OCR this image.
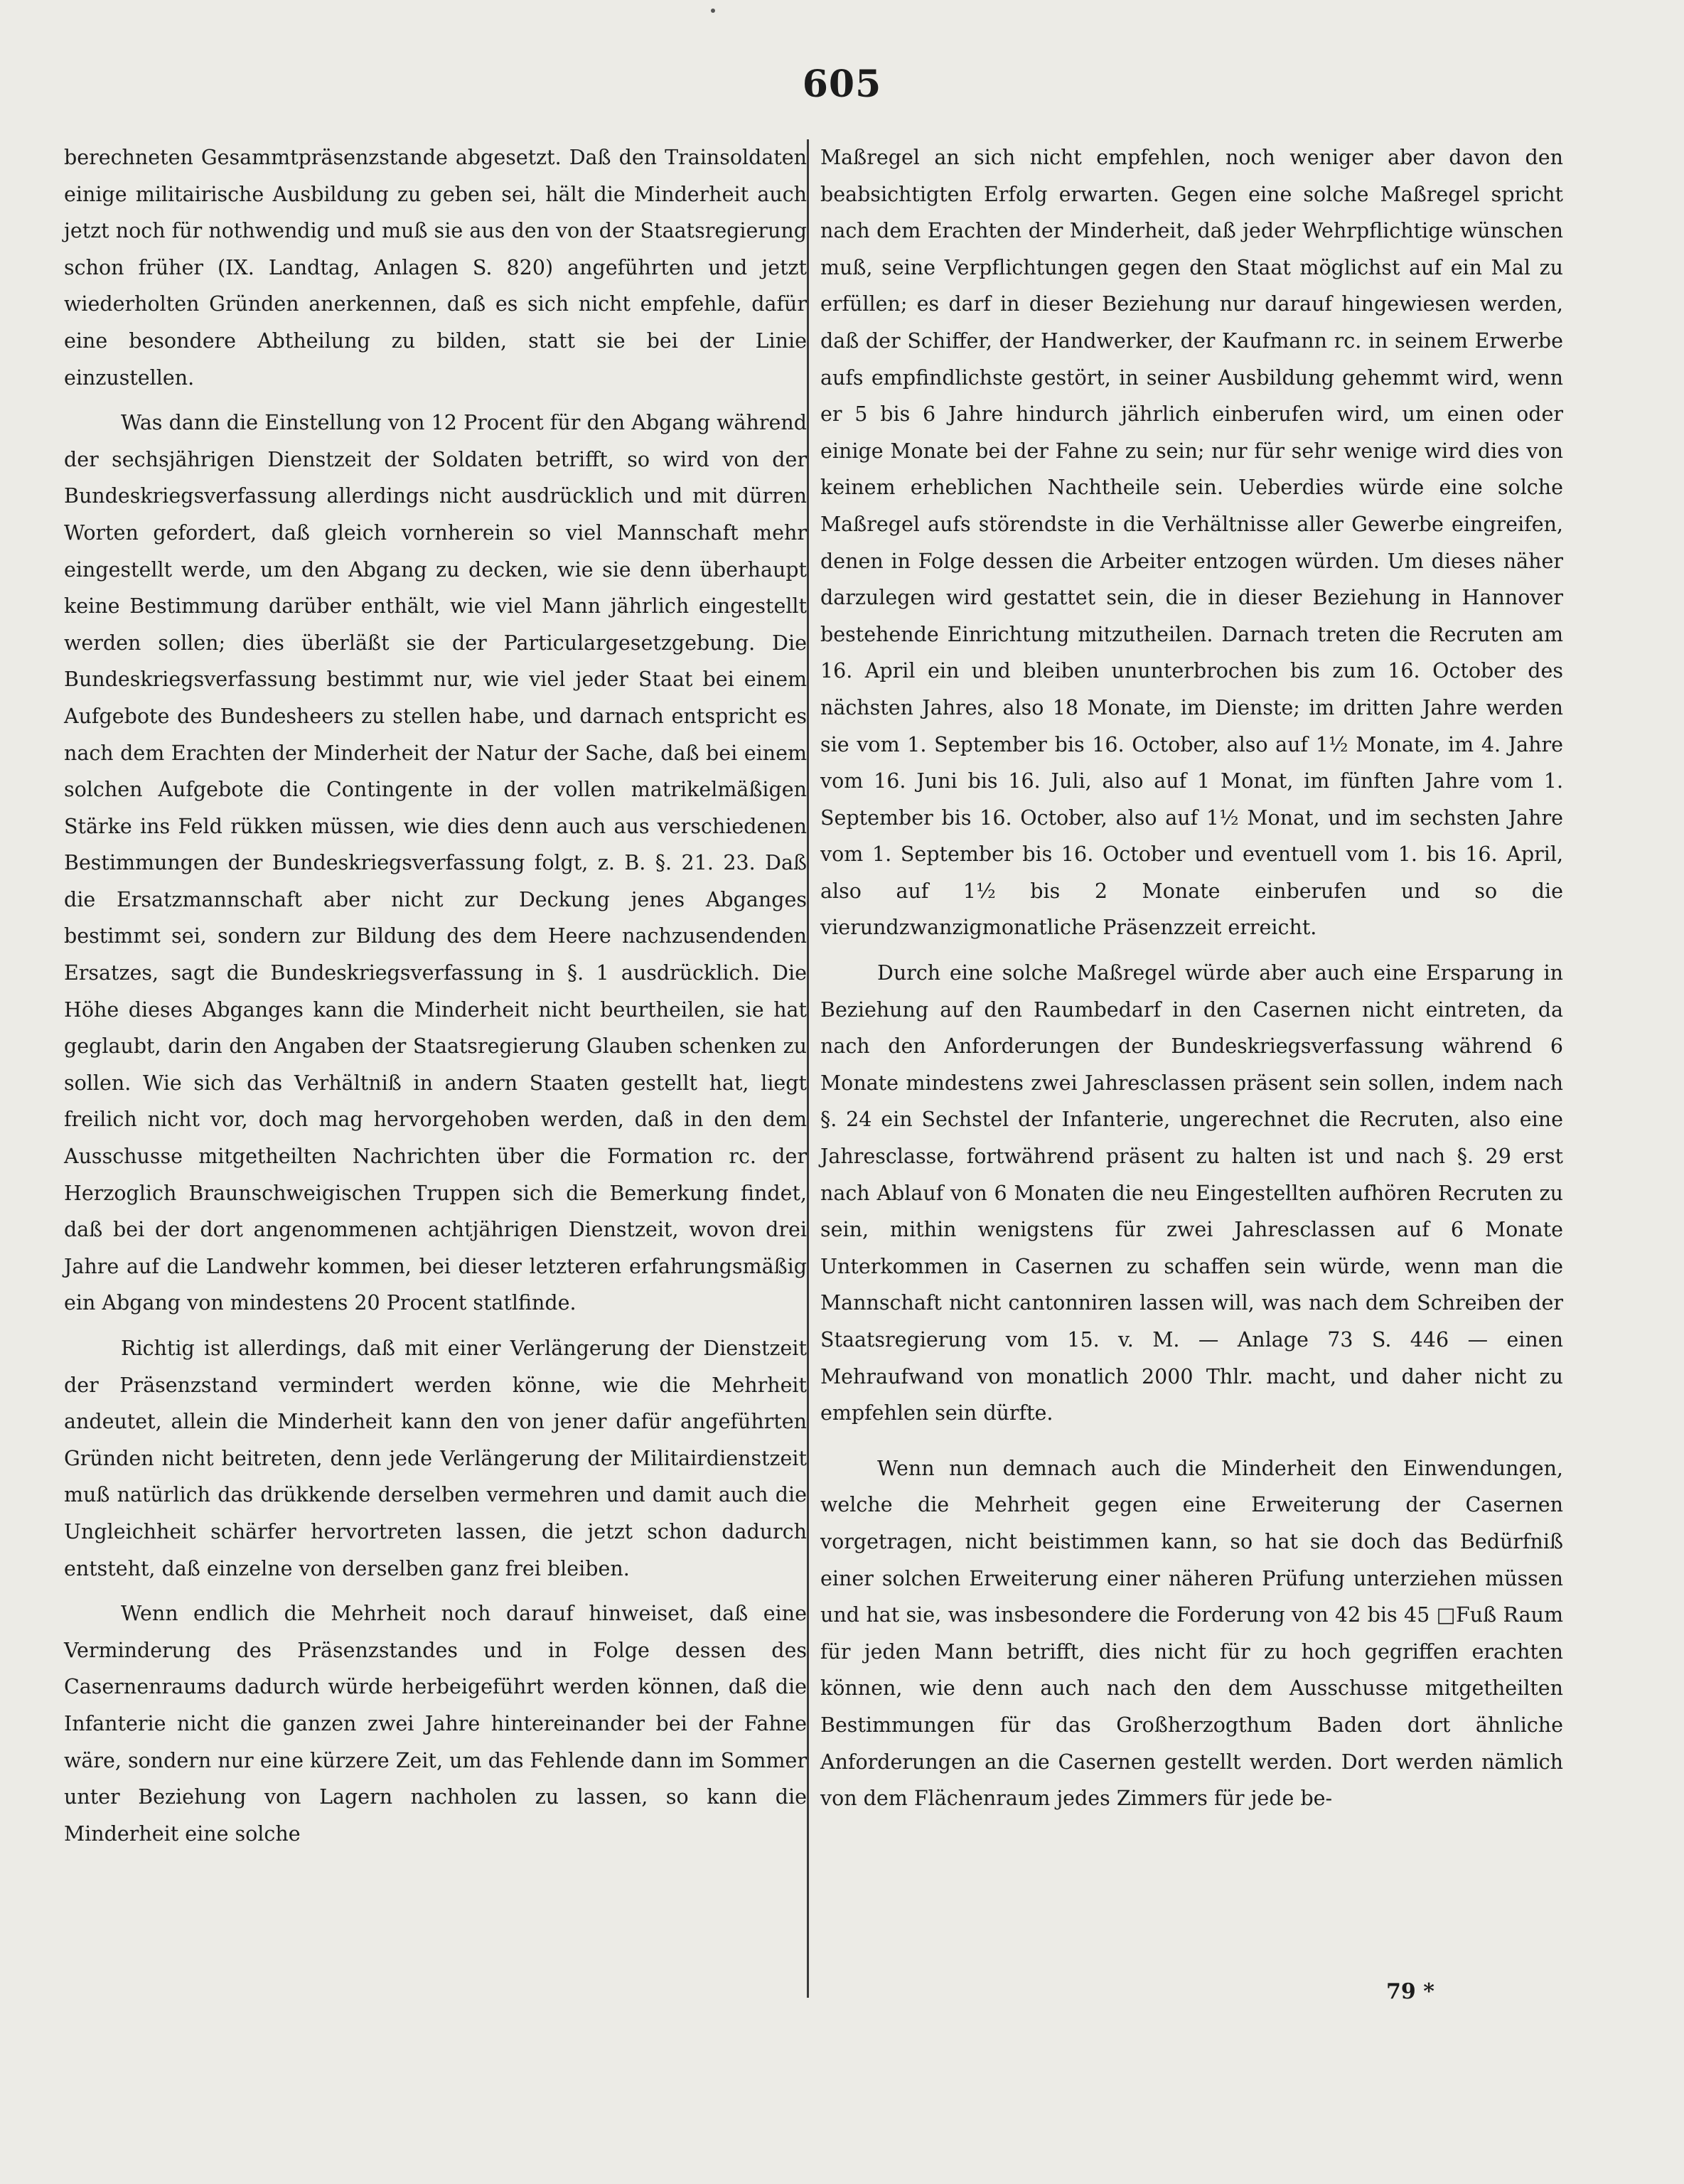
605

berechneten Gesammtpräsenzstande abgesetzt. Daß den Trainsoldaten einige militairische Ausbildung zu geben sei, hält die Minderheit auch jetzt noch für nothwendig und muß sie aus den von der Staatsregierung schon früher (IX. Landtag, Anlagen S. 820) angeführten und jetzt wiederholten Gründen anerkennen, daß es sich nicht empfehle, dafür eine besondere Abtheilung zu bilden, statt sie bei der Linie einzustellen.

Was dann die Einstellung von 12 Procent für den Abgang während der sechsjährigen Dienstzeit der Soldaten betrifft, so wird von der Bundeskriegsverfassung allerdings nicht ausdrücklich und mit dürren Worten gefordert, daß gleich vornherein so viel Mannschaft mehr eingestellt werde, um den Abgang zu decken, wie sie denn überhaupt keine Bestimmung darüber enthält, wie viel Mann jährlich eingestellt werden sollen; dies überläßt sie der Particulargesetzgebung. Die Bundeskriegsverfassung bestimmt nur, wie viel jeder Staat bei einem Aufgebote des Bundesheers zu stellen habe, und darnach entspricht es nach dem Erachten der Minderheit der Natur der Sache, daß bei einem solchen Aufgebote die Contingente in der vollen matrikelmäßigen Stärke ins Feld rükken müssen, wie dies denn auch aus verschiedenen Bestimmungen der Bundeskriegsverfassung folgt, z. B. §. 21. 23. Daß die Ersatzmannschaft aber nicht zur Deckung jenes Abganges bestimmt sei, sondern zur Bildung des dem Heere nachzusendenden Ersatzes, sagt die Bundeskriegsverfassung in §. 1 ausdrücklich. Die Höhe dieses Abganges kann die Minderheit nicht beurtheilen, sie hat geglaubt, darin den Angaben der Staatsregierung Glauben schenken zu sollen. Wie sich das Verhältniß in andern Staaten gestellt hat, liegt freilich nicht vor, doch mag hervorgehoben werden, daß in den dem Ausschusse mitgetheilten Nachrichten über die Formation rc. der Herzoglich Braunschweigischen Truppen sich die Bemerkung findet, daß bei der dort angenommenen achtjährigen Dienstzeit, wovon drei Jahre auf die Landwehr kommen, bei dieser letzteren erfahrungsmäßig ein Abgang von mindestens 20 Procent statlfinde.

Richtig ist allerdings, daß mit einer Verlängerung der Dienstzeit der Präsenzstand vermindert werden könne, wie die Mehrheit andeutet, allein die Minderheit kann den von jener dafür angeführten Gründen nicht beitreten, denn jede Verlängerung der Militairdienstzeit muß natürlich das drükkende derselben vermehren und damit auch die Ungleichheit schärfer hervortreten lassen, die jetzt schon dadurch entsteht, daß einzelne von derselben ganz frei bleiben.

Wenn endlich die Mehrheit noch darauf hinweiset, daß eine Verminderung des Präsenzstandes und in Folge dessen des Casernenraums dadurch würde herbeigeführt werden können, daß die Infanterie nicht die ganzen zwei Jahre hintereinander bei der Fahne wäre, sondern nur eine kürzere Zeit, um das Fehlende dann im Sommer unter Beziehung von Lagern nachholen zu lassen, so kann die Minderheit eine solche

Maßregel an sich nicht empfehlen, noch weniger aber davon den beabsichtigten Erfolg erwarten. Gegen eine solche Maßregel spricht nach dem Erachten der Minderheit, daß jeder Wehrpflichtige wünschen muß, seine Verpflichtungen gegen den Staat möglichst auf ein Mal zu erfüllen; es darf in dieser Beziehung nur darauf hingewiesen werden, daß der Schiffer, der Handwerker, der Kaufmann rc. in seinem Erwerbe aufs empfindlichste gestört, in seiner Ausbildung gehemmt wird, wenn er 5 bis 6 Jahre hindurch jährlich einberufen wird, um einen oder einige Monate bei der Fahne zu sein; nur für sehr wenige wird dies von keinem erheblichen Nachtheile sein. Ueberdies würde eine solche Maßregel aufs störendste in die Verhältnisse aller Gewerbe eingreifen, denen in Folge dessen die Arbeiter entzogen würden. Um dieses näher darzulegen wird gestattet sein, die in dieser Beziehung in Hannover bestehende Einrichtung mitzutheilen. Darnach treten die Recruten am 16. April ein und bleiben ununterbrochen bis zum 16. October des nächsten Jahres, also 18 Monate, im Dienste; im dritten Jahre werden sie vom 1. September bis 16. October, also auf 1½ Monate, im 4. Jahre vom 16. Juni bis 16. Juli, also auf 1 Monat, im fünften Jahre vom 1. September bis 16. October, also auf 1½ Monat, und im sechsten Jahre vom 1. September bis 16. October und eventuell vom 1. bis 16. April, also auf 1½ bis 2 Monate einberufen und so die vierundzwanzigmonatliche Präsenzzeit erreicht.

Durch eine solche Maßregel würde aber auch eine Ersparung in Beziehung auf den Raumbedarf in den Casernen nicht eintreten, da nach den Anforderungen der Bundeskriegsverfassung während 6 Monate mindestens zwei Jahresclassen präsent sein sollen, indem nach §. 24 ein Sechstel der Infanterie, ungerechnet die Recruten, also eine Jahresclasse, fortwährend präsent zu halten ist und nach §. 29 erst nach Ablauf von 6 Monaten die neu Eingestellten aufhören Recruten zu sein, mithin wenigstens für zwei Jahresclassen auf 6 Monate Unterkommen in Casernen zu schaffen sein würde, wenn man die Mannschaft nicht cantonniren lassen will, was nach dem Schreiben der Staatsregierung vom 15. v. M. — Anlage 73 S. 446 — einen Mehraufwand von monatlich 2000 Thlr. macht, und daher nicht zu empfehlen sein dürfte.

Wenn nun demnach auch die Minderheit den Einwendungen, welche die Mehrheit gegen eine Erweiterung der Casernen vorgetragen, nicht beistimmen kann, so hat sie doch das Bedürfniß einer solchen Erweiterung einer näheren Prüfung unterziehen müssen und hat sie, was insbesondere die Forderung von 42 bis 45 □Fuß Raum für jeden Mann betrifft, dies nicht für zu hoch gegriffen erachten können, wie denn auch nach den dem Ausschusse mitgetheilten Bestimmungen für das Großherzogthum Baden dort ähnliche Anforderungen an die Casernen gestellt werden. Dort werden nämlich von dem Flächenraum jedes Zimmers für jede be-

79 *
